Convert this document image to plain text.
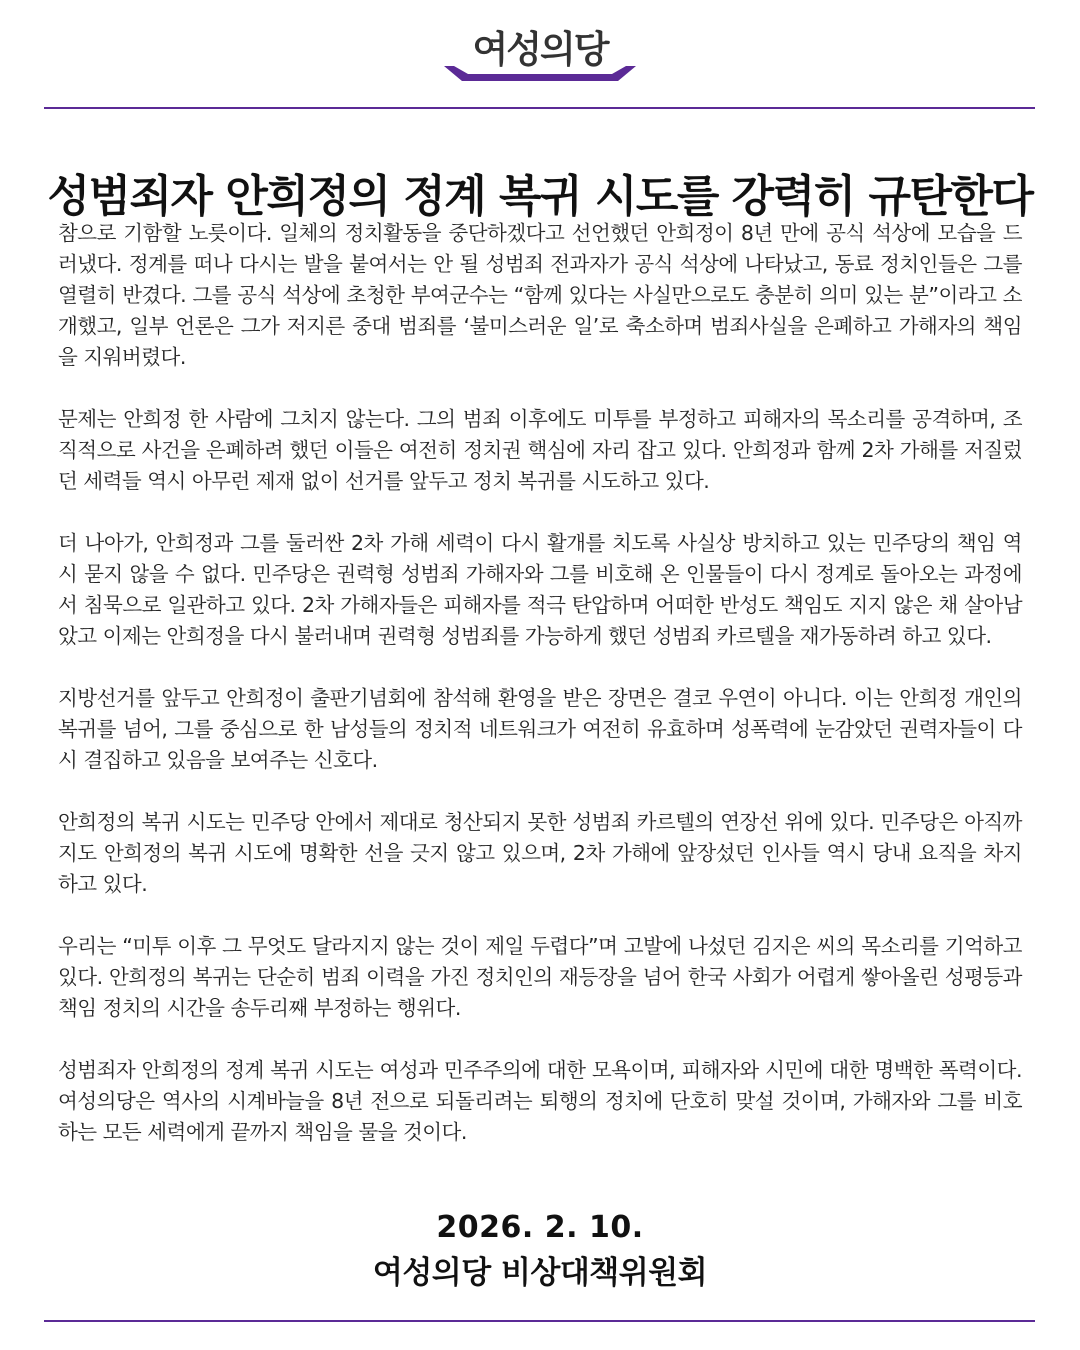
여성의당
성범죄자 안희정의 정계 복귀 시도를 강력히 규탄한다

참으로 기함할 노릇이다. 일체의 정치활동을 중단하겠다고 선언했던 안희정이 8년 만에 공식 석상에 모습을 드러냈다. 정계를 떠나 다시는 발을 붙여서는 안 될 성범죄 전과자가 공식 석상에 나타났고, 동료 정치인들은 그를 열렬히 반겼다. 그를 공식 석상에 초청한 부여군수는 “함께 있다는 사실만으로도 충분히 의미 있는 분”이라고 소개했고, 일부 언론은 그가 저지른 중대 범죄를 ‘불미스러운 일’로 축소하며 범죄사실을 은폐하고 가해자의 책임을 지워버렸다.

문제는 안희정 한 사람에 그치지 않는다. 그의 범죄 이후에도 미투를 부정하고 피해자의 목소리를 공격하며, 조직적으로 사건을 은폐하려 했던 이들은 여전히 정치권 핵심에 자리 잡고 있다. 안희정과 함께 2차 가해를 저질렀던 세력들 역시 아무런 제재 없이 선거를 앞두고 정치 복귀를 시도하고 있다.

더 나아가, 안희정과 그를 둘러싼 2차 가해 세력이 다시 활개를 치도록 사실상 방치하고 있는 민주당의 책임 역시 묻지 않을 수 없다. 민주당은 권력형 성범죄 가해자와 그를 비호해 온 인물들이 다시 정계로 돌아오는 과정에서 침묵으로 일관하고 있다. 2차 가해자들은 피해자를 적극 탄압하며 어떠한 반성도 책임도 지지 않은 채 살아남았고 이제는 안희정을 다시 불러내며 권력형 성범죄를 가능하게 했던 성범죄 카르텔을 재가동하려 하고 있다.

지방선거를 앞두고 안희정이 출판기념회에 참석해 환영을 받은 장면은 결코 우연이 아니다. 이는 안희정 개인의 복귀를 넘어, 그를 중심으로 한 남성들의 정치적 네트워크가 여전히 유효하며 성폭력에 눈감았던 권력자들이 다시 결집하고 있음을 보여주는 신호다.

안희정의 복귀 시도는 민주당 안에서 제대로 청산되지 못한 성범죄 카르텔의 연장선 위에 있다. 민주당은 아직까지도 안희정의 복귀 시도에 명확한 선을 긋지 않고 있으며, 2차 가해에 앞장섰던 인사들 역시 당내 요직을 차지하고 있다.

우리는 “미투 이후 그 무엇도 달라지지 않는 것이 제일 두렵다”며 고발에 나섰던 김지은 씨의 목소리를 기억하고 있다. 안희정의 복귀는 단순히 범죄 이력을 가진 정치인의 재등장을 넘어 한국 사회가 어렵게 쌓아올린 성평등과 책임 정치의 시간을 송두리째 부정하는 행위다.

성범죄자 안희정의 정계 복귀 시도는 여성과 민주주의에 대한 모욕이며, 피해자와 시민에 대한 명백한 폭력이다. 여성의당은 역사의 시계바늘을 8년 전으로 되돌리려는 퇴행의 정치에 단호히 맞설 것이며, 가해자와 그를 비호하는 모든 세력에게 끝까지 책임을 물을 것이다.

2026. 2. 10.
여성의당 비상대책위원회
